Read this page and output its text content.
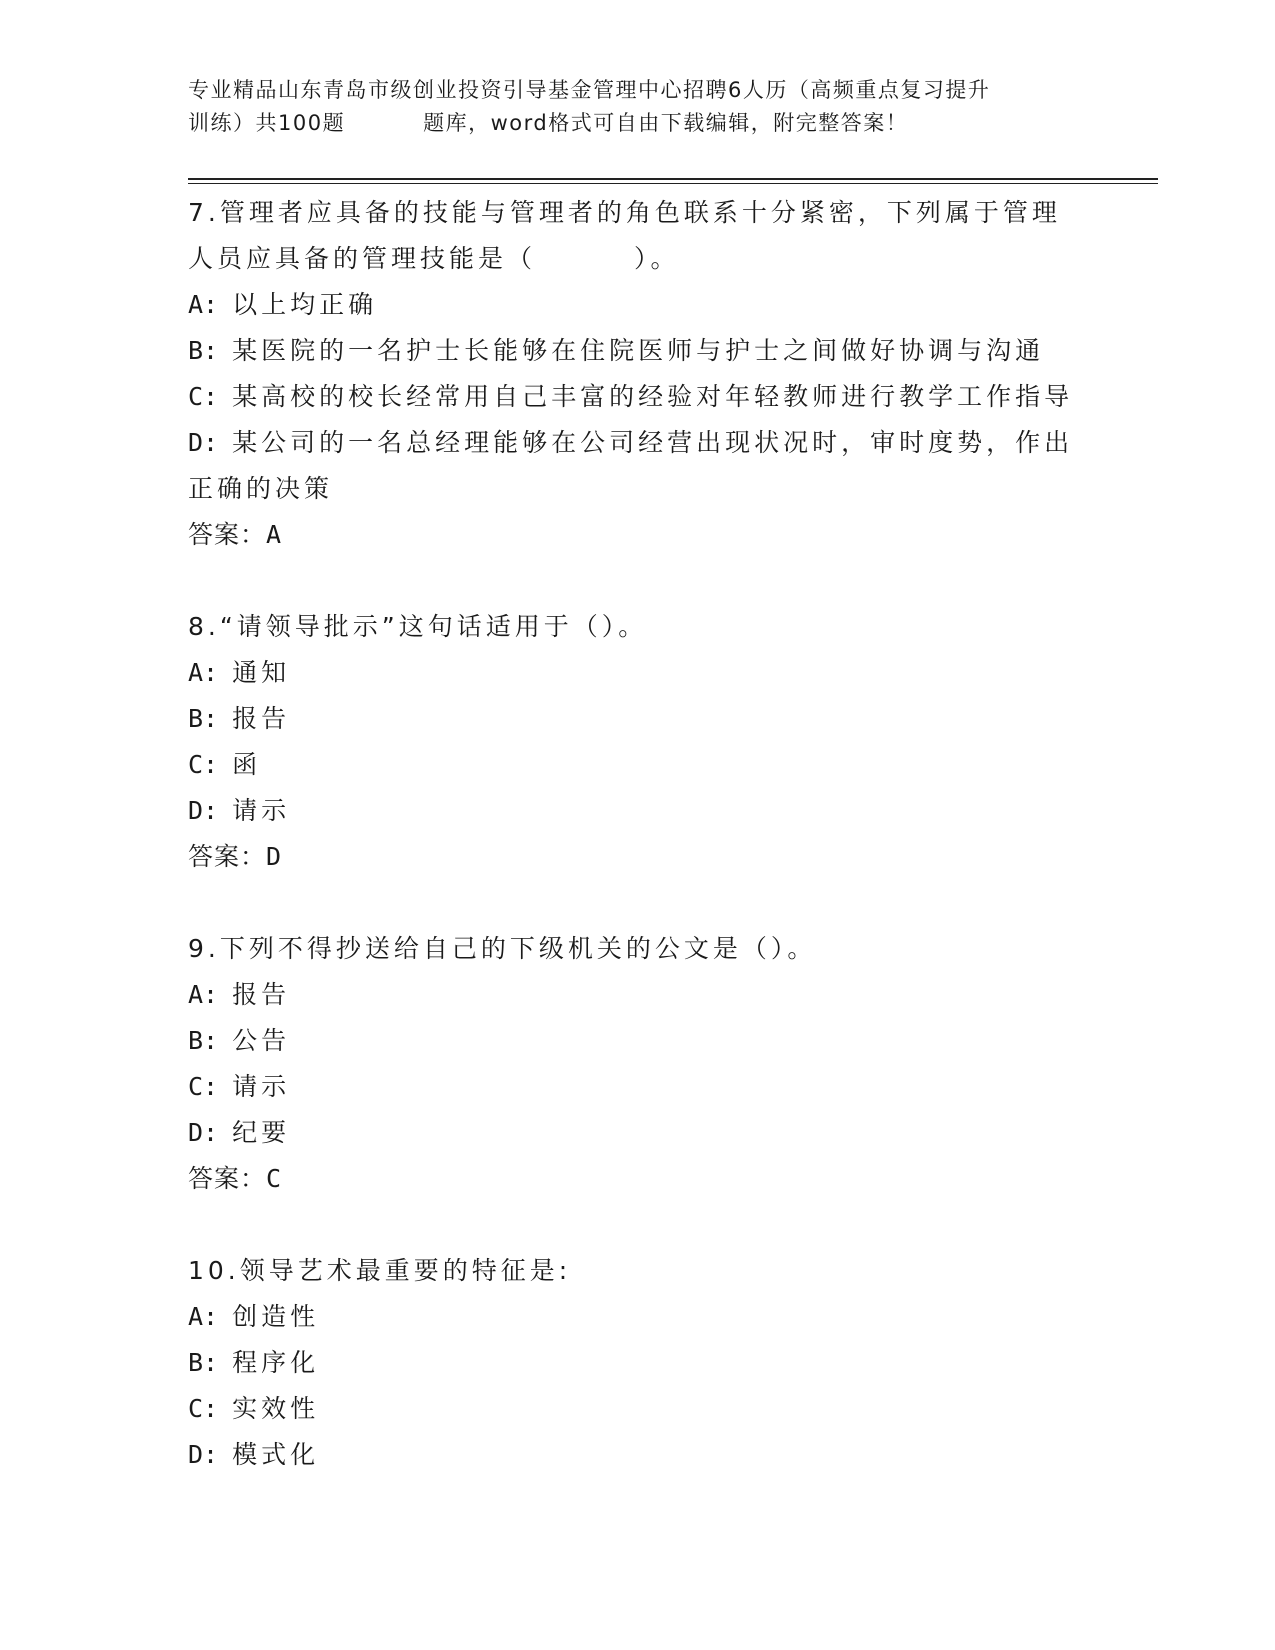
专业精品山东青岛市级创业投资引导基金管理中心招聘6人历（高频重点复习提升
训练）共100题	题库，word格式可自由下载编辑，附完整答案！
7.管理者应具备的技能与管理者的角色联系十分紧密，下列属于管理
人员应具备的管理技能是（	）。
A: 以上均正确
B: 某医院的一名护士长能够在住院医师与护士之间做好协调与沟通
C: 某高校的校长经常用自己丰富的经验对年轻教师进行教学工作指导
D: 某公司的一名总经理能够在公司经营出现状况时，审时度势，作出正确的决策
答案：A
8.“请领导批示”这句话适用于（）。
A: 通知
B: 报告
C: 函
D: 请示
答案：D
9.下列不得抄送给自己的下级机关的公文是（）。
A: 报告
B: 公告
C: 请示
D: 纪要
答案：C
10.领导艺术最重要的特征是:
A: 创造性
B: 程序化
C: 实效性
D: 模式化
